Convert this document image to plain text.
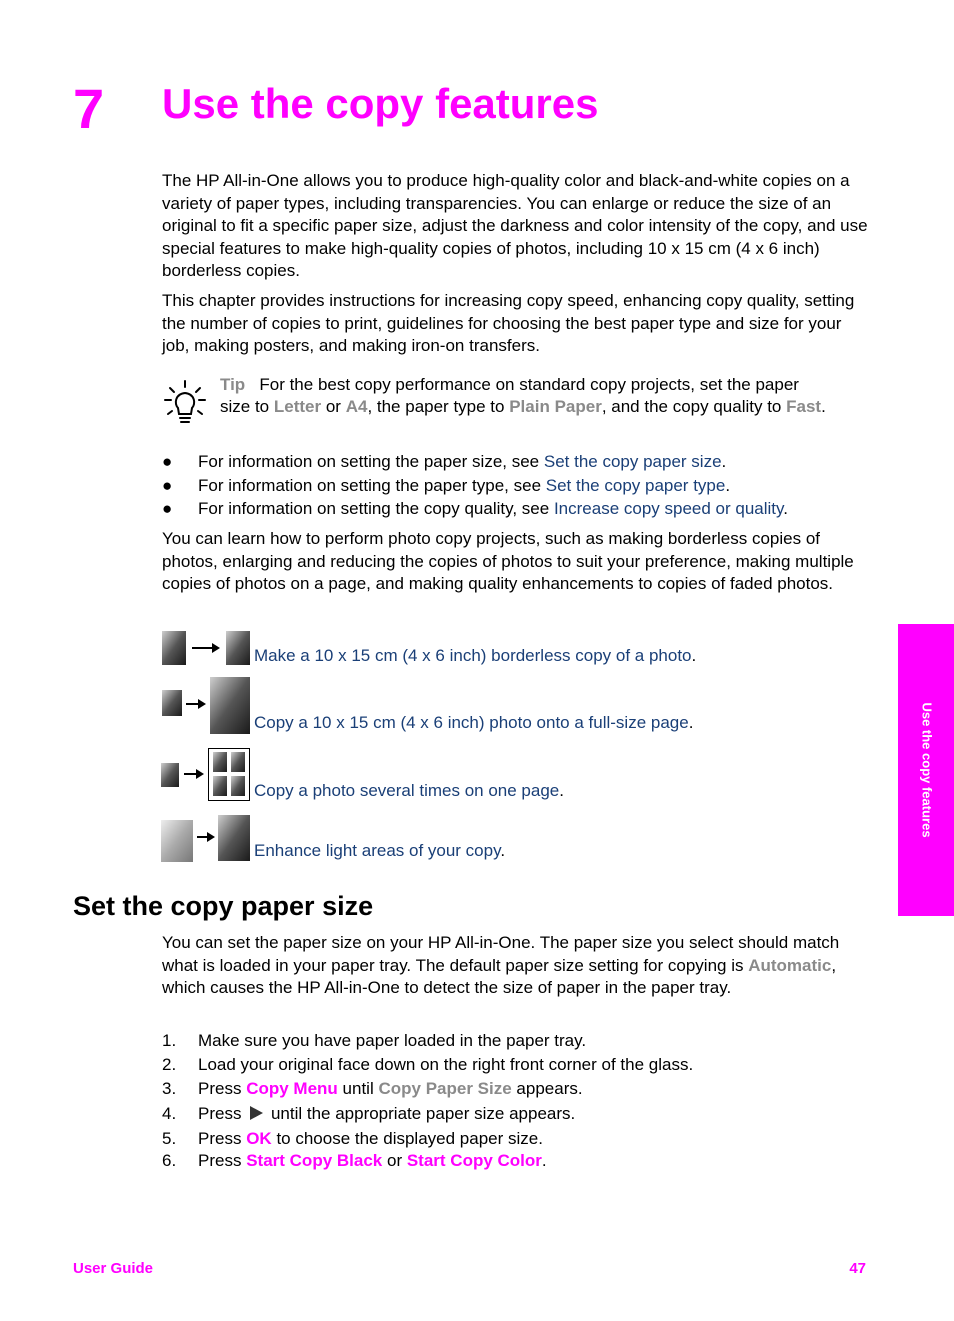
7 Use the copy features
The HP All-in-One allows you to produce high-quality color and black-and-white copies on a variety of paper types, including transparencies. You can enlarge or reduce the size of an original to fit a specific paper size, adjust the darkness and color intensity of the copy, and use special features to make high-quality copies of photos, including 10 x 15 cm (4 x 6 inch) borderless copies.
This chapter provides instructions for increasing copy speed, enhancing copy quality, setting the number of copies to print, guidelines for choosing the best paper type and size for your job, making posters, and making iron-on transfers.
Tip For the best copy performance on standard copy projects, set the paper
size to Letter or A4, the paper type to Plain Paper, and the copy quality to Fast.
● For information on setting the paper size, see Set the copy paper size.
● For information on setting the paper type, see Set the copy paper type.
● For information on setting the copy quality, see Increase copy speed or quality.
You can learn how to perform photo copy projects, such as making borderless copies of photos, enlarging and reducing the copies of photos to suit your preference, making multiple copies of photos on a page, and making quality enhancements to copies of faded photos.
Make a 10 x 15 cm (4 x 6 inch) borderless copy of a photo.
Copy a 10 x 15 cm (4 x 6 inch) photo onto a full-size page.
Copy a photo several times on one page.
Enhance light areas of your copy.
Set the copy paper size
You can set the paper size on your HP All-in-One. The paper size you select should match what is loaded in your paper tray. The default paper size setting for copying is Automatic, which causes the HP All-in-One to detect the size of paper in the paper tray.
1. Make sure you have paper loaded in the paper tray.
2. Load your original face down on the right front corner of the glass.
3. Press Copy Menu until Copy Paper Size appears.
4. Press until the appropriate paper size appears.
5. Press OK to choose the displayed paper size.
6. Press Start Copy Black or Start Copy Color.
Use the copy features
User Guide	47
